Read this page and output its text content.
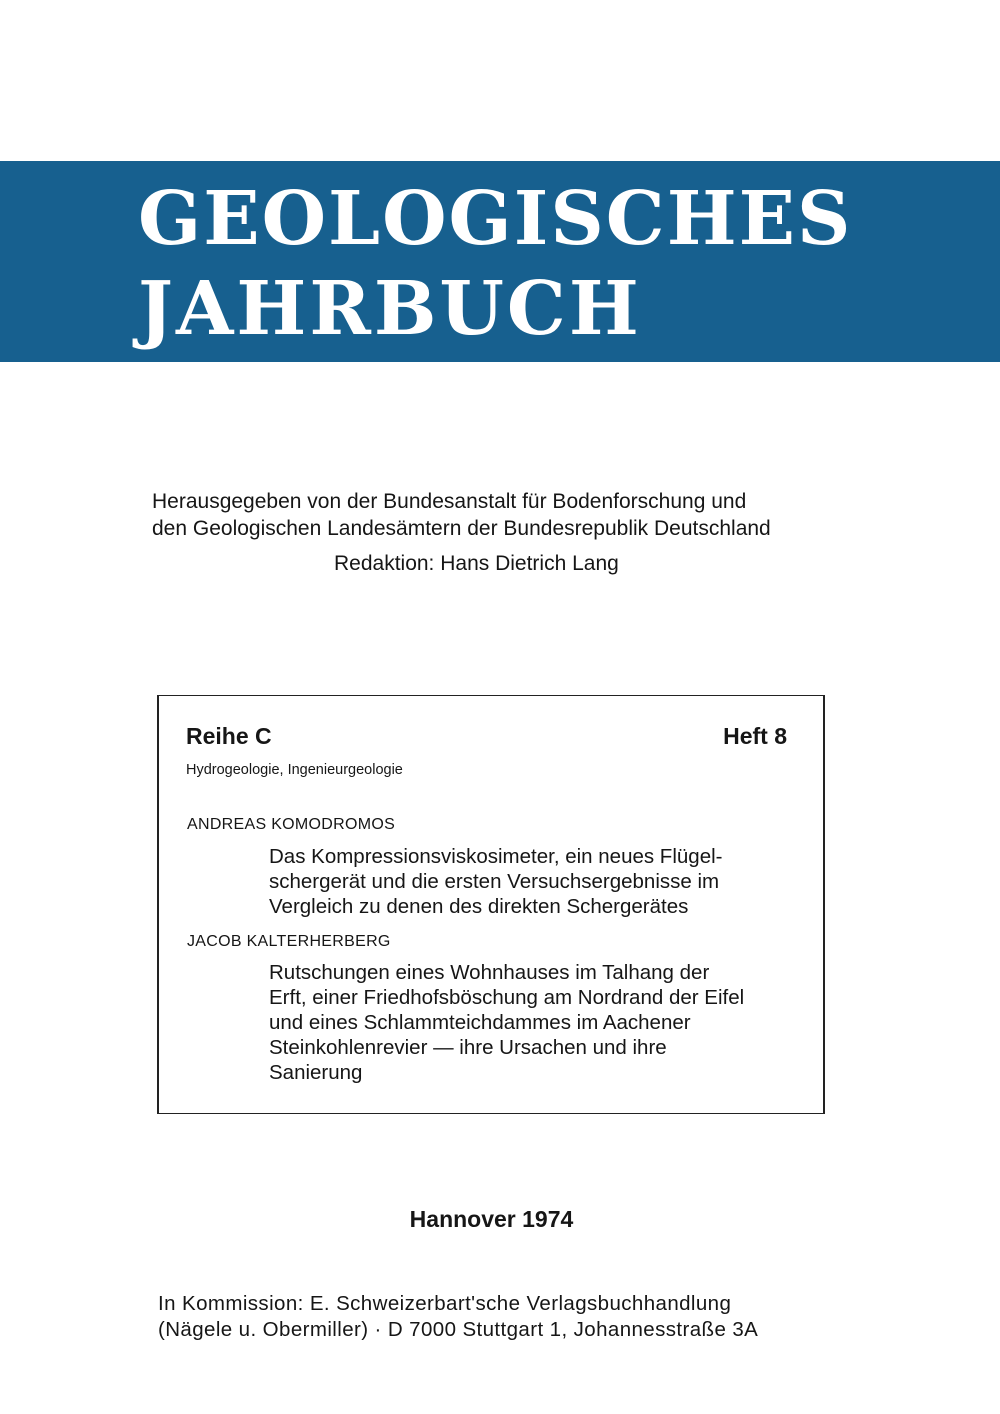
GEOLOGISCHES
JAHRBUCH
Herausgegeben von der Bundesanstalt für Bodenforschung und
den Geologischen Landesämtern der Bundesrepublik Deutschland
Redaktion: Hans Dietrich Lang
Reihe C	Heft 8
Hydrogeologie, Ingenieurgeologie
ANDREAS KOMODROMOS
Das Kompressionsviskosimeter, ein neues Flügel-
schergerät und die ersten Versuchsergebnisse im
Vergleich zu denen des direkten Schergerätes
JACOB KALTERHERBERG
Rutschungen eines Wohnhauses im Talhang der
Erft, einer Friedhofsböschung am Nordrand der Eifel
und eines Schlammteichdammes im Aachener
Steinkohlenrevier — ihre Ursachen und ihre
Sanierung
Hannover 1974
In Kommission: E. Schweizerbart'sche Verlagsbuchhandlung
(Nägele u. Obermiller) · D 7000 Stuttgart 1, Johannesstraße 3A
